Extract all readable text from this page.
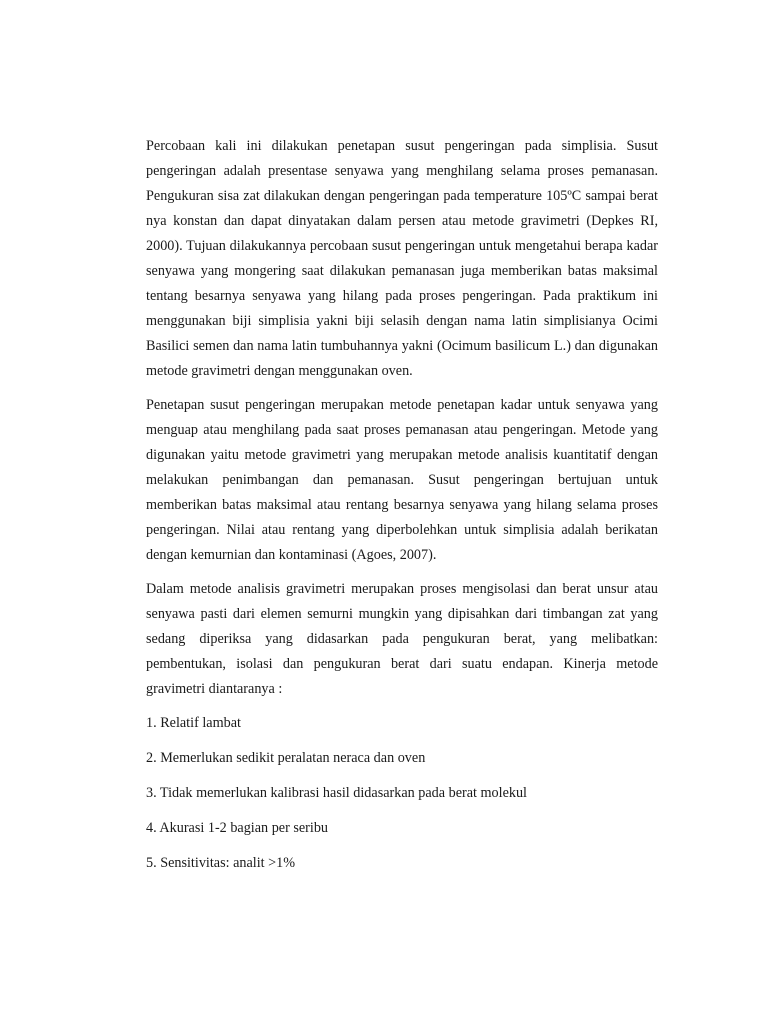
Percobaan kali ini dilakukan penetapan susut pengeringan pada simplisia. Susut pengeringan adalah presentase senyawa yang menghilang selama proses pemanasan. Pengukuran sisa zat dilakukan dengan pengeringan pada temperature 105ºC sampai berat nya konstan dan dapat dinyatakan dalam persen atau metode gravimetri (Depkes RI, 2000). Tujuan dilakukannya percobaan susut pengeringan untuk mengetahui berapa kadar senyawa yang mongering saat dilakukan pemanasan juga memberikan batas maksimal tentang besarnya senyawa yang hilang pada proses pengeringan. Pada praktikum ini menggunakan biji simplisia yakni biji selasih dengan nama latin simplisianya Ocimi Basilici semen dan nama latin tumbuhannya yakni (Ocimum basilicum L.) dan digunakan metode gravimetri dengan menggunakan oven.

Penetapan susut pengeringan merupakan metode penetapan kadar untuk senyawa yang menguap atau menghilang pada saat proses pemanasan atau pengeringan. Metode yang digunakan yaitu metode gravimetri yang merupakan metode analisis kuantitatif dengan melakukan penimbangan dan pemanasan. Susut pengeringan bertujuan untuk memberikan batas maksimal atau rentang besarnya senyawa yang hilang selama proses pengeringan. Nilai atau rentang yang diperbolehkan untuk simplisia adalah berikatan dengan kemurnian dan kontaminasi (Agoes, 2007).

Dalam metode analisis gravimetri merupakan proses mengisolasi dan berat unsur atau senyawa pasti dari elemen semurni mungkin yang dipisahkan dari timbangan zat yang sedang diperiksa yang didasarkan pada pengukuran berat, yang melibatkan: pembentukan, isolasi dan pengukuran berat dari suatu endapan. Kinerja metode gravimetri diantaranya :

1. Relatif lambat

2. Memerlukan sedikit peralatan neraca dan oven

3. Tidak memerlukan kalibrasi hasil didasarkan pada berat molekul

4. Akurasi 1-2 bagian per seribu

5. Sensitivitas: analit >1%
